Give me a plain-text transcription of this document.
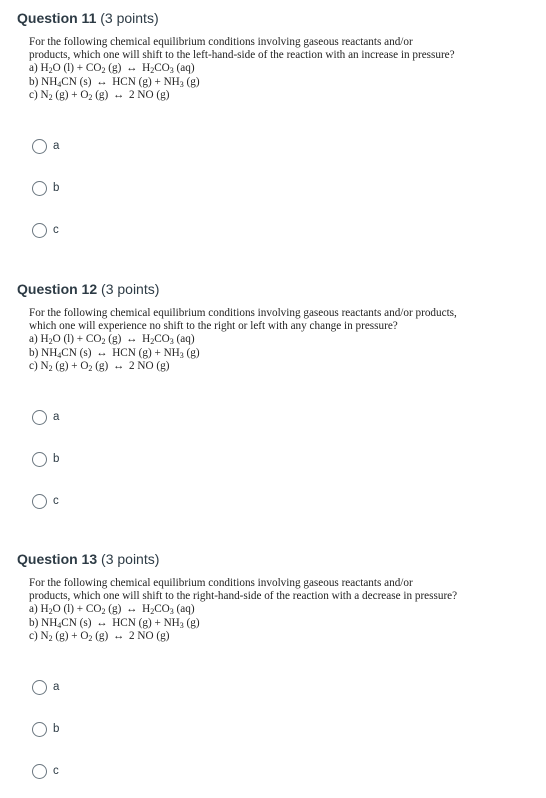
Question 11 (3 points)
For the following chemical equilibrium conditions involving gaseous reactants and/or
products, which one will shift to the left-hand-side of the reaction with an increase in pressure?
a) $H_2O$ $(l) + CO_2$ (g) ↔ $H_2CO_3$ (aq)
b) $NH_4CN$ (s) ↔ HCN $(g) + NH_3$ (g)
c) $N_2$ $(g) + O_2$ (g) ↔ 2 NO (g)
a
b
c
Question 12 (3 points)
For the following chemical equilibrium conditions involving gaseous reactants and/or products,
which one will experience no shift to the right or left with any change in pressure?
a) $H_2O$ $(l) + CO_2$ (g) ↔ $H_2CO_3$ (aq)
b) $NH_4CN$ (s) ↔ HCN $(g) + NH_3$ (g)
c) $N_2$ $(g) + O_2$ (g) ↔ 2 NO (g)
a
b
c
Question 13 (3 points)
For the following chemical equilibrium conditions involving gaseous reactants and/or
products, which one will shift to the right-hand-side of the reaction with a decrease in pressure?
a) $H_2O$ $(l) + CO_2$ (g) ↔ $H_2CO_3$ (aq)
b) $NH_4CN$ (s) ↔ HCN $(g) + NH_3$ (g)
c) $N_2$ $(g) + O_2$ (g) ↔ 2 NO (g)
a
b
c
